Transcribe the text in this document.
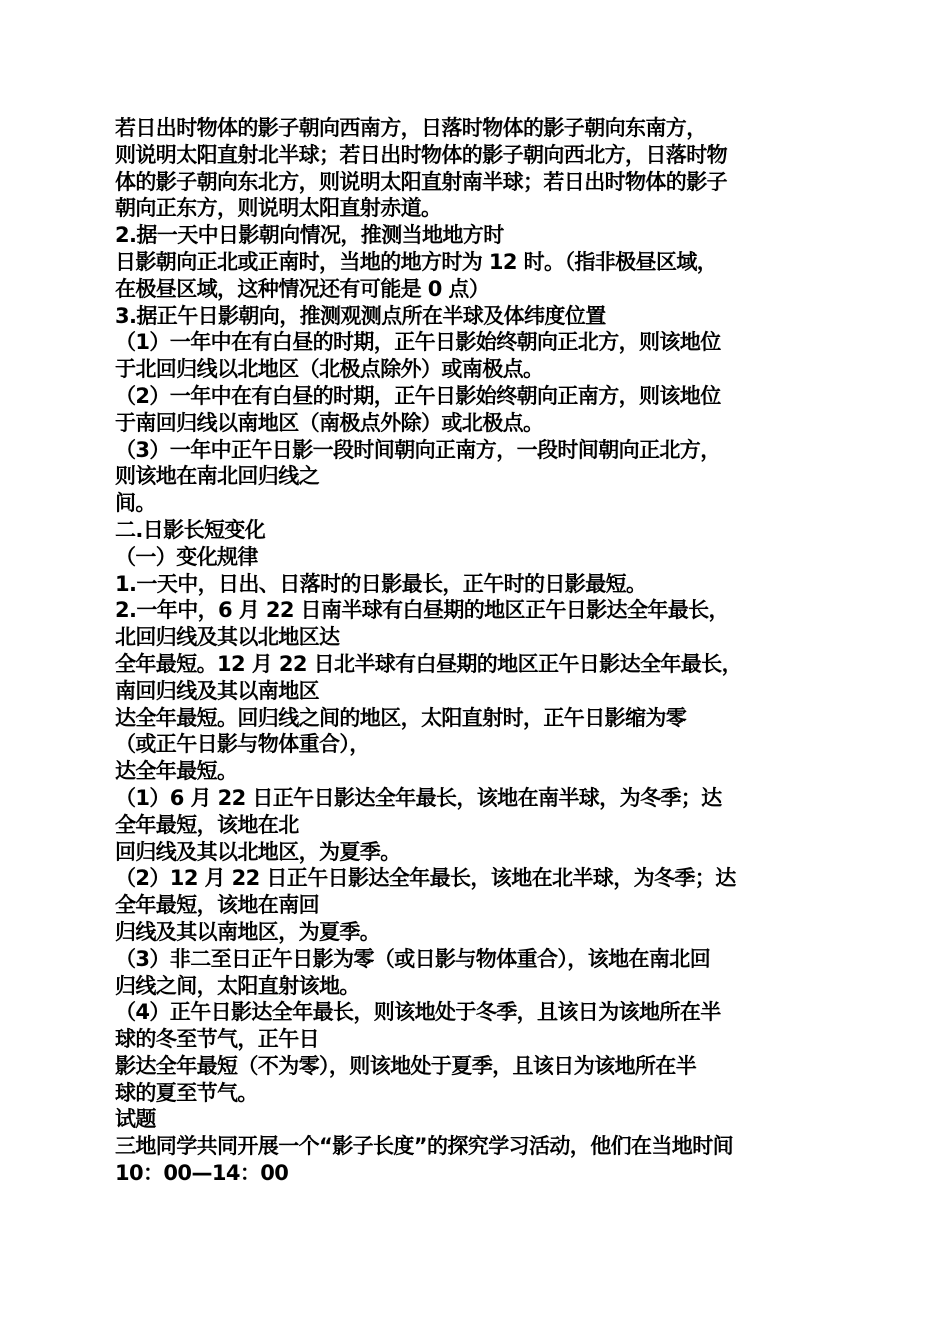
若日出时物体的影子朝向西南方，日落时物体的影子朝向东南方，
则说明太阳直射北半球；若日出时物体的影子朝向西北方，日落时物
体的影子朝向东北方，则说明太阳直射南半球；若日出时物体的影子
朝向正东方，则说明太阳直射赤道。
2.据一天中日影朝向情况，推测当地地方时
日影朝向正北或正南时，当地的地方时为 12 时。（指非极昼区域，
在极昼区域，这种情况还有可能是 0 点）
3.据正午日影朝向，推测观测点所在半球及体纬度位置
（1）一年中在有白昼的时期，正午日影始终朝向正北方，则该地位
于北回归线以北地区（北极点除外）或南极点。
（2）一年中在有白昼的时期，正午日影始终朝向正南方，则该地位
于南回归线以南地区（南极点外除）或北极点。
（3）一年中正午日影一段时间朝向正南方，一段时间朝向正北方，
则该地在南北回归线之
间。
二.日影长短变化
（一）变化规律
1.一天中，日出、日落时的日影最长，正午时的日影最短。
2.一年中，6 月 22 日南半球有白昼期的地区正午日影达全年最长，
北回归线及其以北地区达
全年最短。12 月 22 日北半球有白昼期的地区正午日影达全年最长，
南回归线及其以南地区
达全年最短。回归线之间的地区，太阳直射时，正午日影缩为零
（或正午日影与物体重合），
达全年最短。
（1）6 月 22 日正午日影达全年最长，该地在南半球，为冬季；达
全年最短，该地在北
回归线及其以北地区，为夏季。
（2）12 月 22 日正午日影达全年最长，该地在北半球，为冬季；达
全年最短，该地在南回
归线及其以南地区，为夏季。
（3）非二至日正午日影为零（或日影与物体重合），该地在南北回
归线之间，太阳直射该地。
（4）正午日影达全年最长，则该地处于冬季，且该日为该地所在半
球的冬至节气，正午日
影达全年最短（不为零），则该地处于夏季，且该日为该地所在半
球的夏至节气。
试题
三地同学共同开展一个“影子长度”的探究学习活动，他们在当地时间
10：00—14：00
